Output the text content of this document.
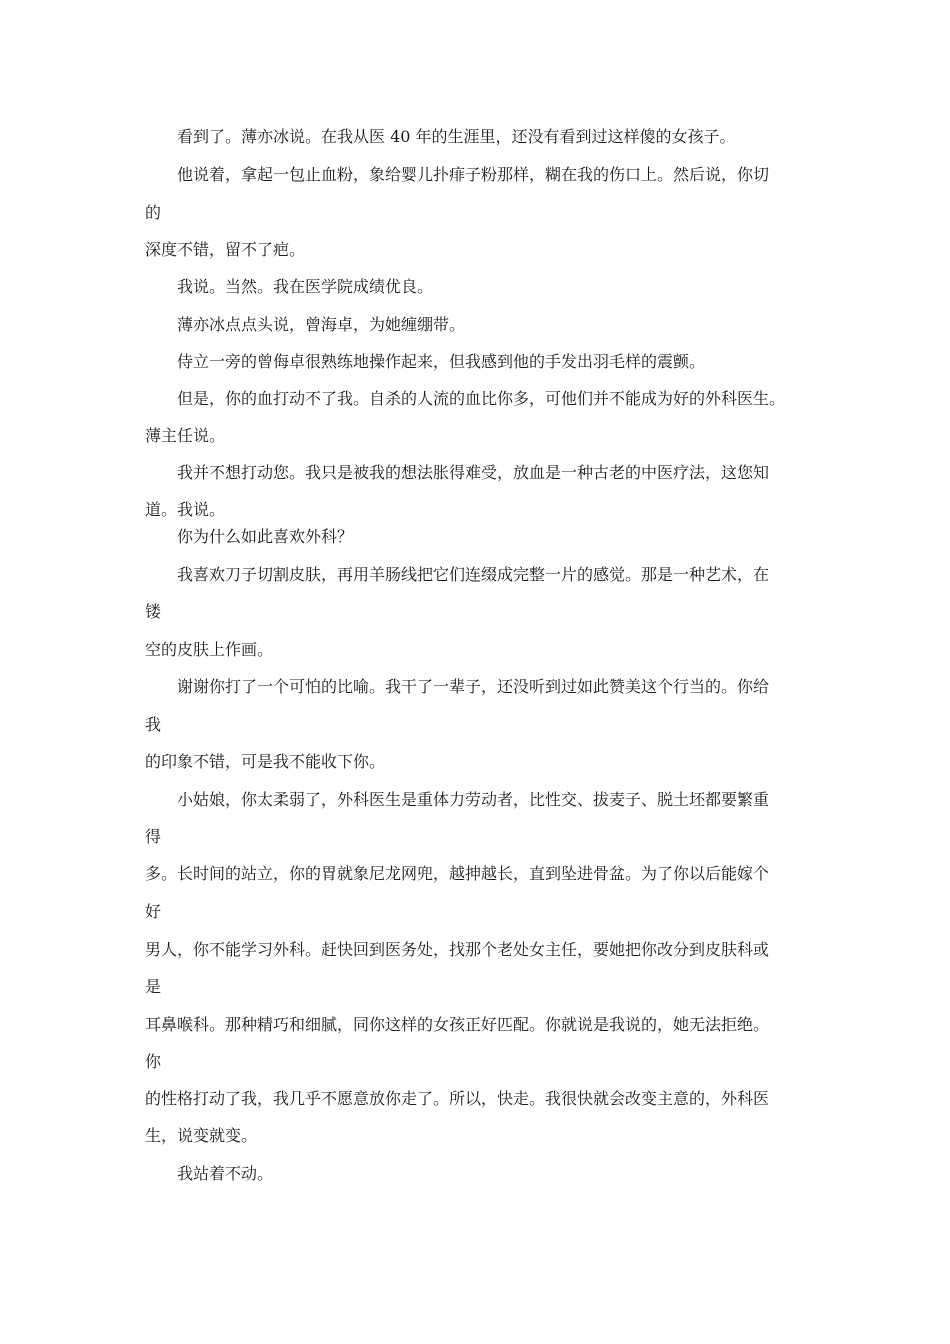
看到了。薄亦冰说。在我从医 40 年的生涯里，还没有看到过这样傻的女孩子。
他说着，拿起一包止血粉，象给婴儿扑痱子粉那样，糊在我的伤口上。然后说，你切
的
深度不错，留不了疤。
我说。当然。我在医学院成绩优良。
薄亦冰点点头说，曾海卓，为她缠绷带。
侍立一旁的曾侮卓很熟练地操作起来，但我感到他的手发出羽毛样的震颤。
但是，你的血打动不了我。自杀的人流的血比你多，可他们并不能成为好的外科医生。
薄主任说。
我并不想打动您。我只是被我的想法胀得难受，放血是一种古老的中医疗法，这您知
道。我说。
你为什么如此喜欢外科？
我喜欢刀子切割皮肤，再用羊肠线把它们连缀成完整一片的感觉。那是一种艺术，在
镂
空的皮肤上作画。
谢谢你打了一个可怕的比喻。我干了一辈子，还没听到过如此赞美这个行当的。你给
我
的印象不错，可是我不能收下你。
小姑娘，你太柔弱了，外科医生是重体力劳动者，比性交、拔麦子、脱土坯都要繁重
得
多。长时间的站立，你的胃就象尼龙网兜，越抻越长，直到坠进骨盆。为了你以后能嫁个
好
男人，你不能学习外科。赶快回到医务处，找那个老处女主任，要她把你改分到皮肤科或
是
耳鼻喉科。那种精巧和细腻，同你这样的女孩正好匹配。你就说是我说的，她无法拒绝。
你
的性格打动了我，我几乎不愿意放你走了。所以，快走。我很快就会改变主意的，外科医
生，说变就变。
我站着不动。
